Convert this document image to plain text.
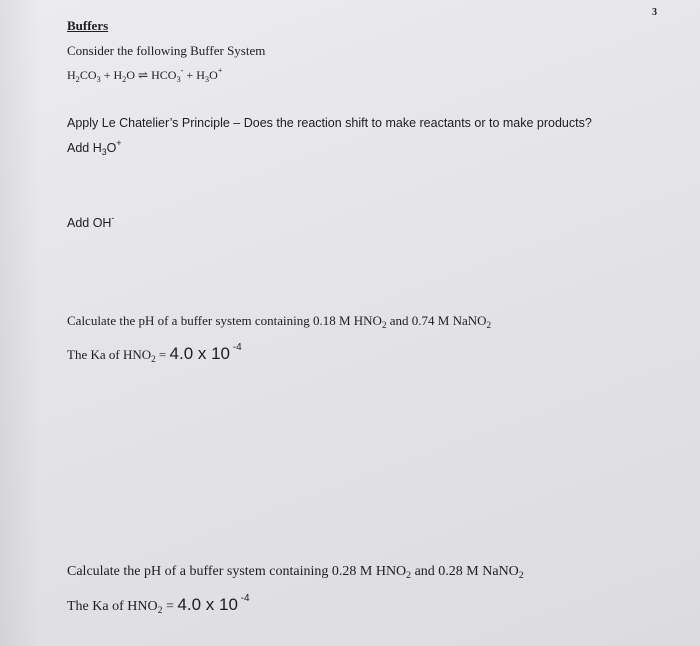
3
Buffers
Consider the following Buffer System
$H_2CO_3 + H_2O$ ⇌ $HCO_3^- + H_3O^+$
Apply Le Chatelier’s Principle – Does the reaction shift to make reactants or to make products?
Add $H_3O^+$
Add OH-
Calculate the pH of a buffer system containing 0.18 M $HNO_2$ and 0.74 M NaNO$_2$
The Ka of $HNO_2 = 4.0$ x 10 $^{-4}$
Calculate the pH of a buffer system containing 0.28 M $HNO_2$ and 0.28 M NaNO$_2$
The Ka of $HNO_2 = 4.0$ x 10 $^{-4}$
